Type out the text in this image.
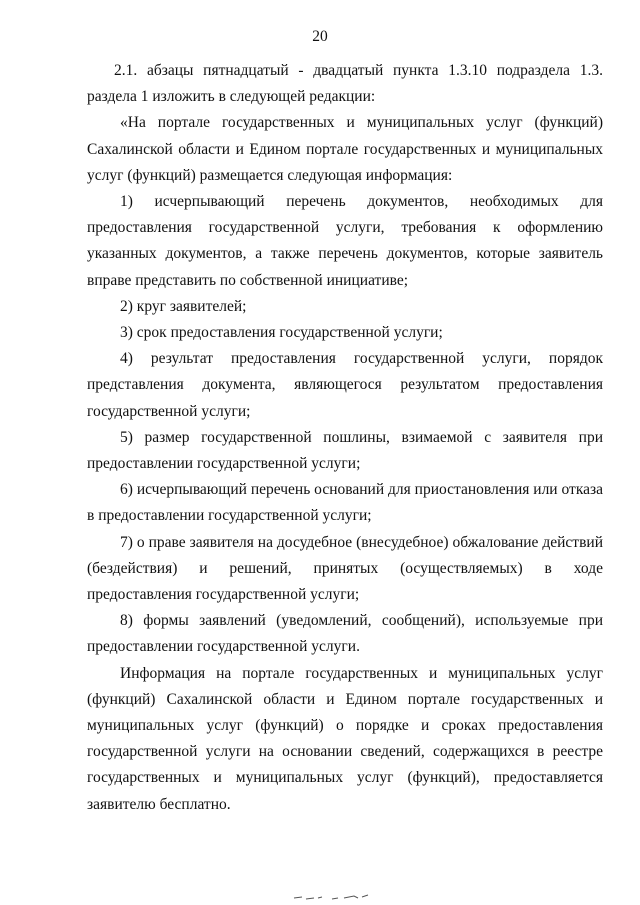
20

2.1. абзацы пятнадцатый - двадцатый пункта 1.3.10 подраздела 1.3. раздела 1 изложить в следующей редакции:

«На портале государственных и муниципальных услуг (функций) Сахалинской области и Едином портале государственных и муниципальных услуг (функций) размещается следующая информация:

1) исчерпывающий перечень документов, необходимых для предоставления государственной услуги, требования к оформлению указанных документов, а также перечень документов, которые заявитель вправе представить по собственной инициативе;

2) круг заявителей;

3) срок предоставления государственной услуги;

4) результат предоставления государственной услуги, порядок представления документа, являющегося результатом предоставления государственной услуги;

5) размер государственной пошлины, взимаемой с заявителя при предоставлении государственной услуги;

6) исчерпывающий перечень оснований для приостановления или отказа в предоставлении государственной услуги;

7) о праве заявителя на досудебное (внесудебное) обжалование действий (бездействия) и решений, принятых (осуществляемых) в ходе предоставления государственной услуги;

8) формы заявлений (уведомлений, сообщений), используемые при предоставлении государственной услуги.

Информация на портале государственных и муниципальных услуг (функций) Сахалинской области и Едином портале государственных и муниципальных услуг (функций) о порядке и сроках предоставления государственной услуги на основании сведений, содержащихся в реестре государственных и муниципальных услуг (функций), предоставляется заявителю бесплатно.
